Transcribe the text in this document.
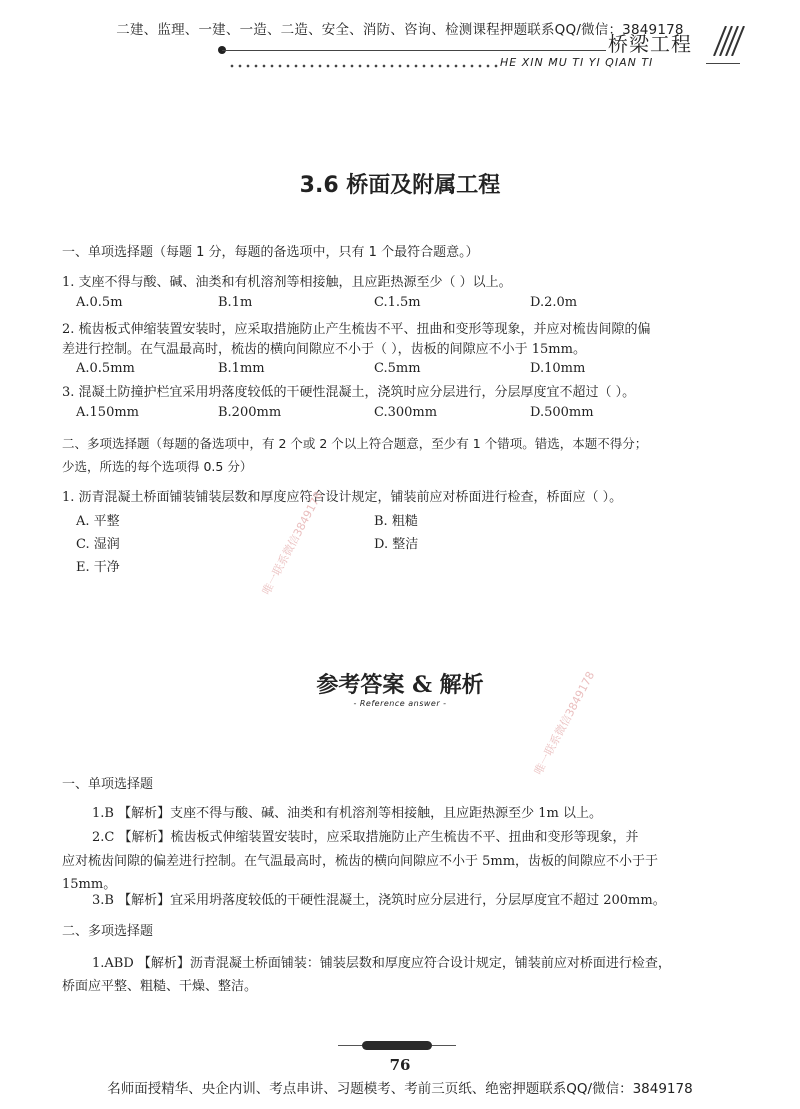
二建、监理、一建、一造、二造、安全、消防、咨询、检测课程押题联系QQ/微信：3849178
桥梁工程
HE XIN MU TI YI QIAN TI
3.6 桥面及附属工程
一、单项选择题（每题 1 分，每题的备选项中，只有 1 个最符合题意。）
1. 支座不得与酸、碱、油类和有机溶剂等相接触，且应距热源至少（ ）以上。
A.0.5m	B.1m	C.1.5m	D.2.0m
2. 梳齿板式伸缩装置安装时，应采取措施防止产生梳齿不平、扭曲和变形等现象，并应对梳齿间隙的偏
差进行控制。在气温最高时，梳齿的横向间隙应不小于（ ），齿板的间隙应不小于 15mm。
A.0.5mm	B.1mm	C.5mm	D.10mm
3. 混凝土防撞护栏宜采用坍落度较低的干硬性混凝土，浇筑时应分层进行，分层厚度宜不超过（ ）。
A.150mm	B.200mm	C.300mm	D.500mm
二、多项选择题（每题的备选项中，有 2 个或 2 个以上符合题意，至少有 1 个错项。错选，本题不得分；
少选，所选的每个选项得 0.5 分）
1. 沥青混凝土桥面铺装铺装层数和厚度应符合设计规定，铺装前应对桥面进行检查，桥面应（ ）。
A. 平整	B. 粗糙
C. 湿润	D. 整洁
E. 干净
参考答案 & 解析
- Reference answer -
一、单项选择题
1.B 【解析】支座不得与酸、碱、油类和有机溶剂等相接触，且应距热源至少 1m 以上。
2.C 【解析】梳齿板式伸缩装置安装时，应采取措施防止产生梳齿不平、扭曲和变形等现象，并
应对梳齿间隙的偏差进行控制。在气温最高时，梳齿的横向间隙应不小于 5mm，齿板的间隙应不小于于
15mm。
3.B 【解析】宜采用坍落度较低的干硬性混凝土，浇筑时应分层进行，分层厚度宜不超过 200mm。
二、多项选择题
1.ABD 【解析】沥青混凝土桥面铺装：铺装层数和厚度应符合设计规定，铺装前应对桥面进行检查，
桥面应平整、粗糙、干燥、整洁。
唯一联系微信3849178
唯一联系微信3849178
76
名师面授精华、央企内训、考点串讲、习题模考、考前三页纸、绝密押题联系QQ/微信：3849178
